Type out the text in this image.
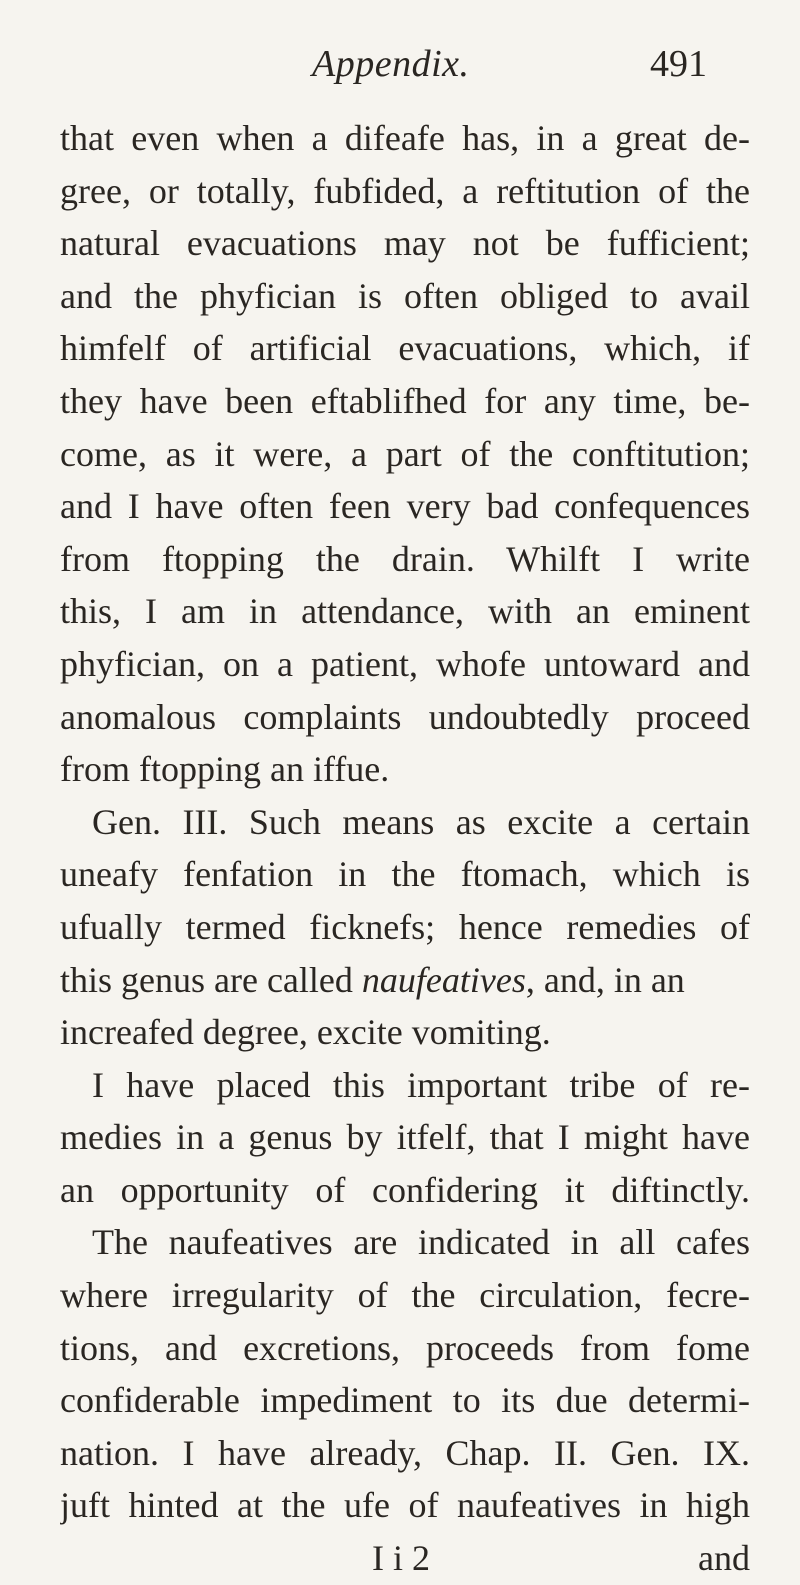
Appendix.	491
that even when a difeafe has, in a great de-
gree, or totally, fubfided, a reftitution of the
natural evacuations may not be fufficient;
and the phyfician is often obliged to avail
himfelf of artificial evacuations, which, if
they have been eftablifhed for any time, be-
come, as it were, a part of the conftitution;
and I have often feen very bad confequences
from ftopping the drain. Whilft I write
this, I am in attendance, with an eminent
phyfician, on a patient, whofe untoward and
anomalous complaints undoubtedly proceed
from ftopping an iffue.
Gen. III. Such means as excite a certain
uneafy fenfation in the ftomach, which is
ufually termed ficknefs; hence remedies of
this genus are called naufeatives, and, in an
increafed degree, excite vomiting.
I have placed this important tribe of re-
medies in a genus by itfelf, that I might have
an opportunity of confidering it diftinctly.
The naufeatives are indicated in all cafes
where irregularity of the circulation, fecre-
tions, and excretions, proceeds from fome
confiderable impediment to its due determi-
nation. I have already, Chap. II. Gen. IX.
juft hinted at the ufe of naufeatives in high
I i 2	and
